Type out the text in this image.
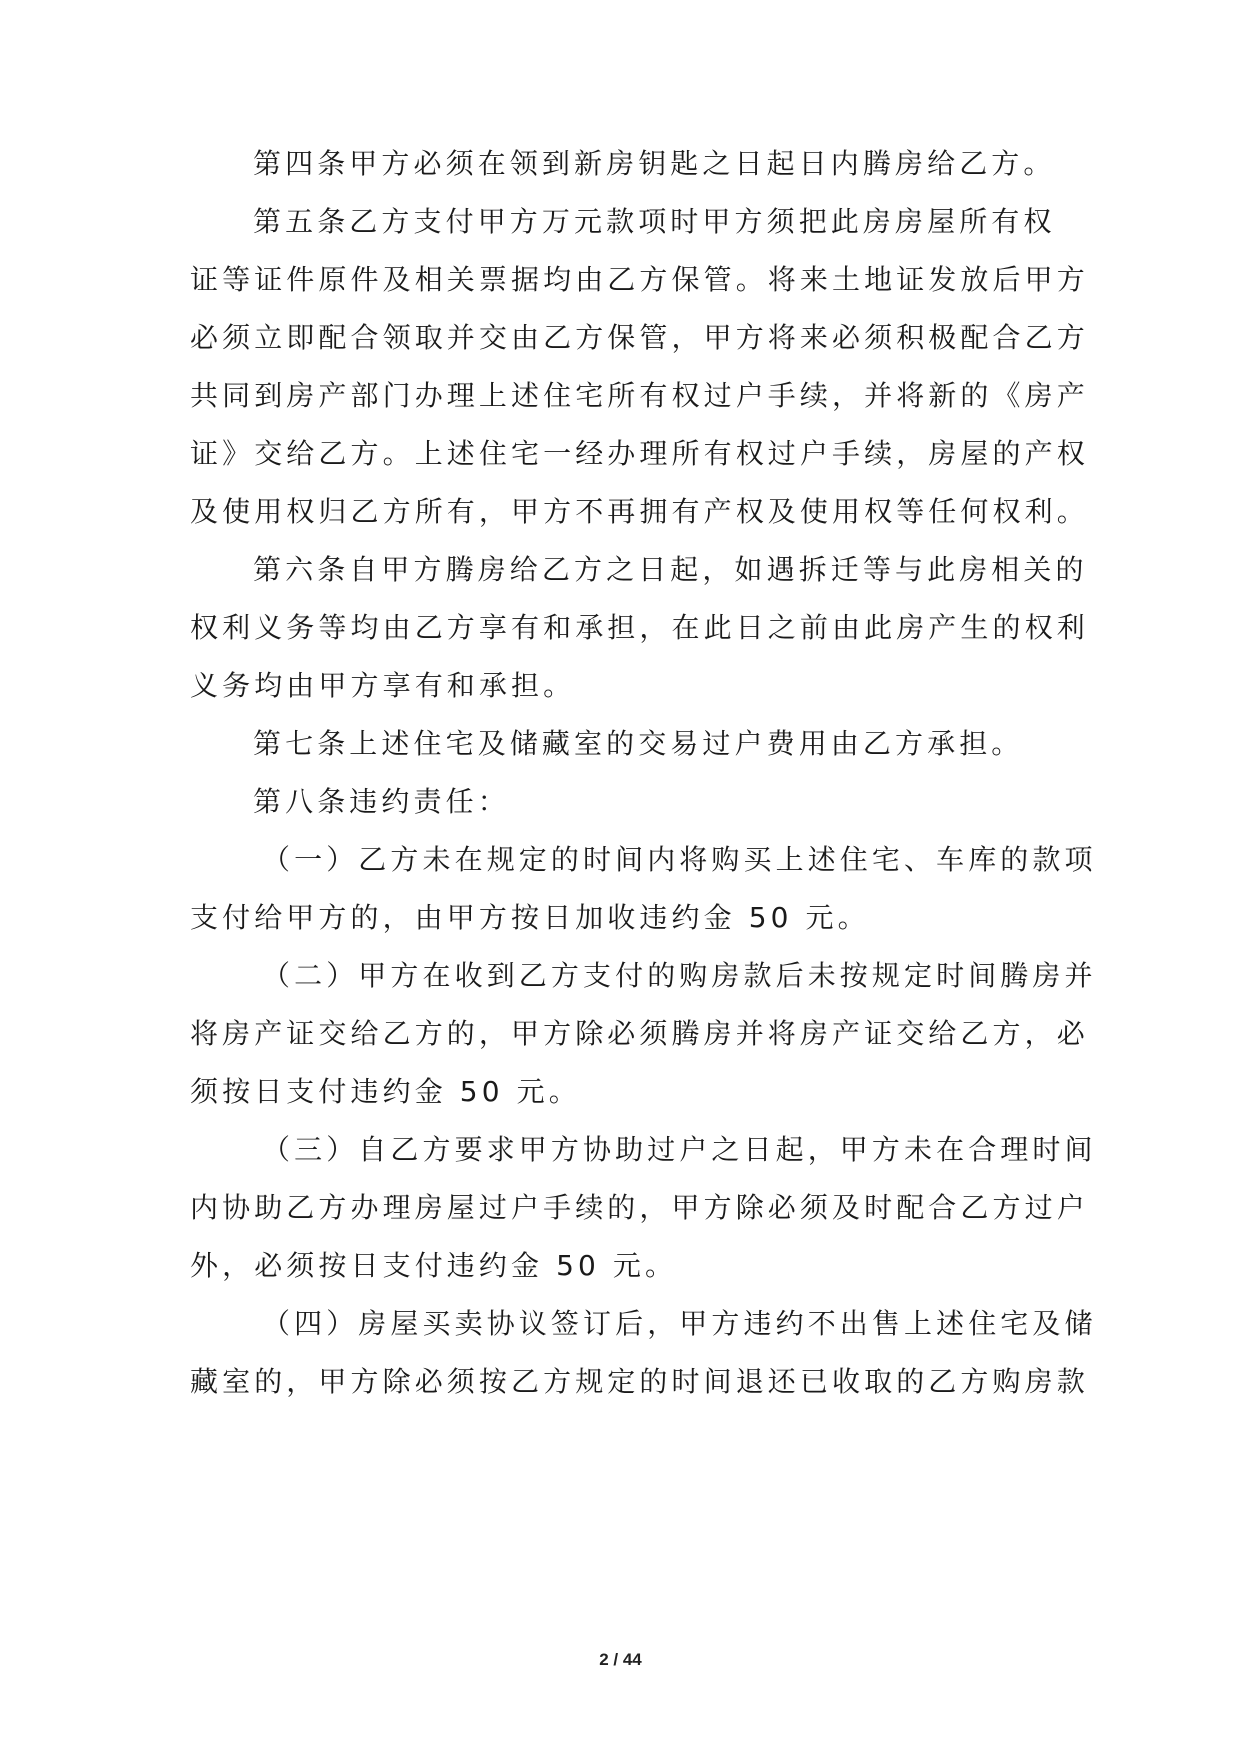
第四条甲方必须在领到新房钥匙之日起日内腾房给乙方。
第五条乙方支付甲方万元款项时甲方须把此房房屋所有权
证等证件原件及相关票据均由乙方保管。将来土地证发放后甲方
必须立即配合领取并交由乙方保管，甲方将来必须积极配合乙方
共同到房产部门办理上述住宅所有权过户手续，并将新的《房产
证》交给乙方。上述住宅一经办理所有权过户手续，房屋的产权
及使用权归乙方所有，甲方不再拥有产权及使用权等任何权利。
第六条自甲方腾房给乙方之日起，如遇拆迁等与此房相关的
权利义务等均由乙方享有和承担，在此日之前由此房产生的权利
义务均由甲方享有和承担。
第七条上述住宅及储藏室的交易过户费用由乙方承担。
第八条违约责任：
（一）乙方未在规定的时间内将购买上述住宅、车库的款项
支付给甲方的，由甲方按日加收违约金 50 元。
（二）甲方在收到乙方支付的购房款后未按规定时间腾房并
将房产证交给乙方的，甲方除必须腾房并将房产证交给乙方，必
须按日支付违约金 50 元。
（三）自乙方要求甲方协助过户之日起，甲方未在合理时间
内协助乙方办理房屋过户手续的，甲方除必须及时配合乙方过户
外，必须按日支付违约金 50 元。
（四）房屋买卖协议签订后，甲方违约不出售上述住宅及储
藏室的，甲方除必须按乙方规定的时间退还已收取的乙方购房款
2 / 44
